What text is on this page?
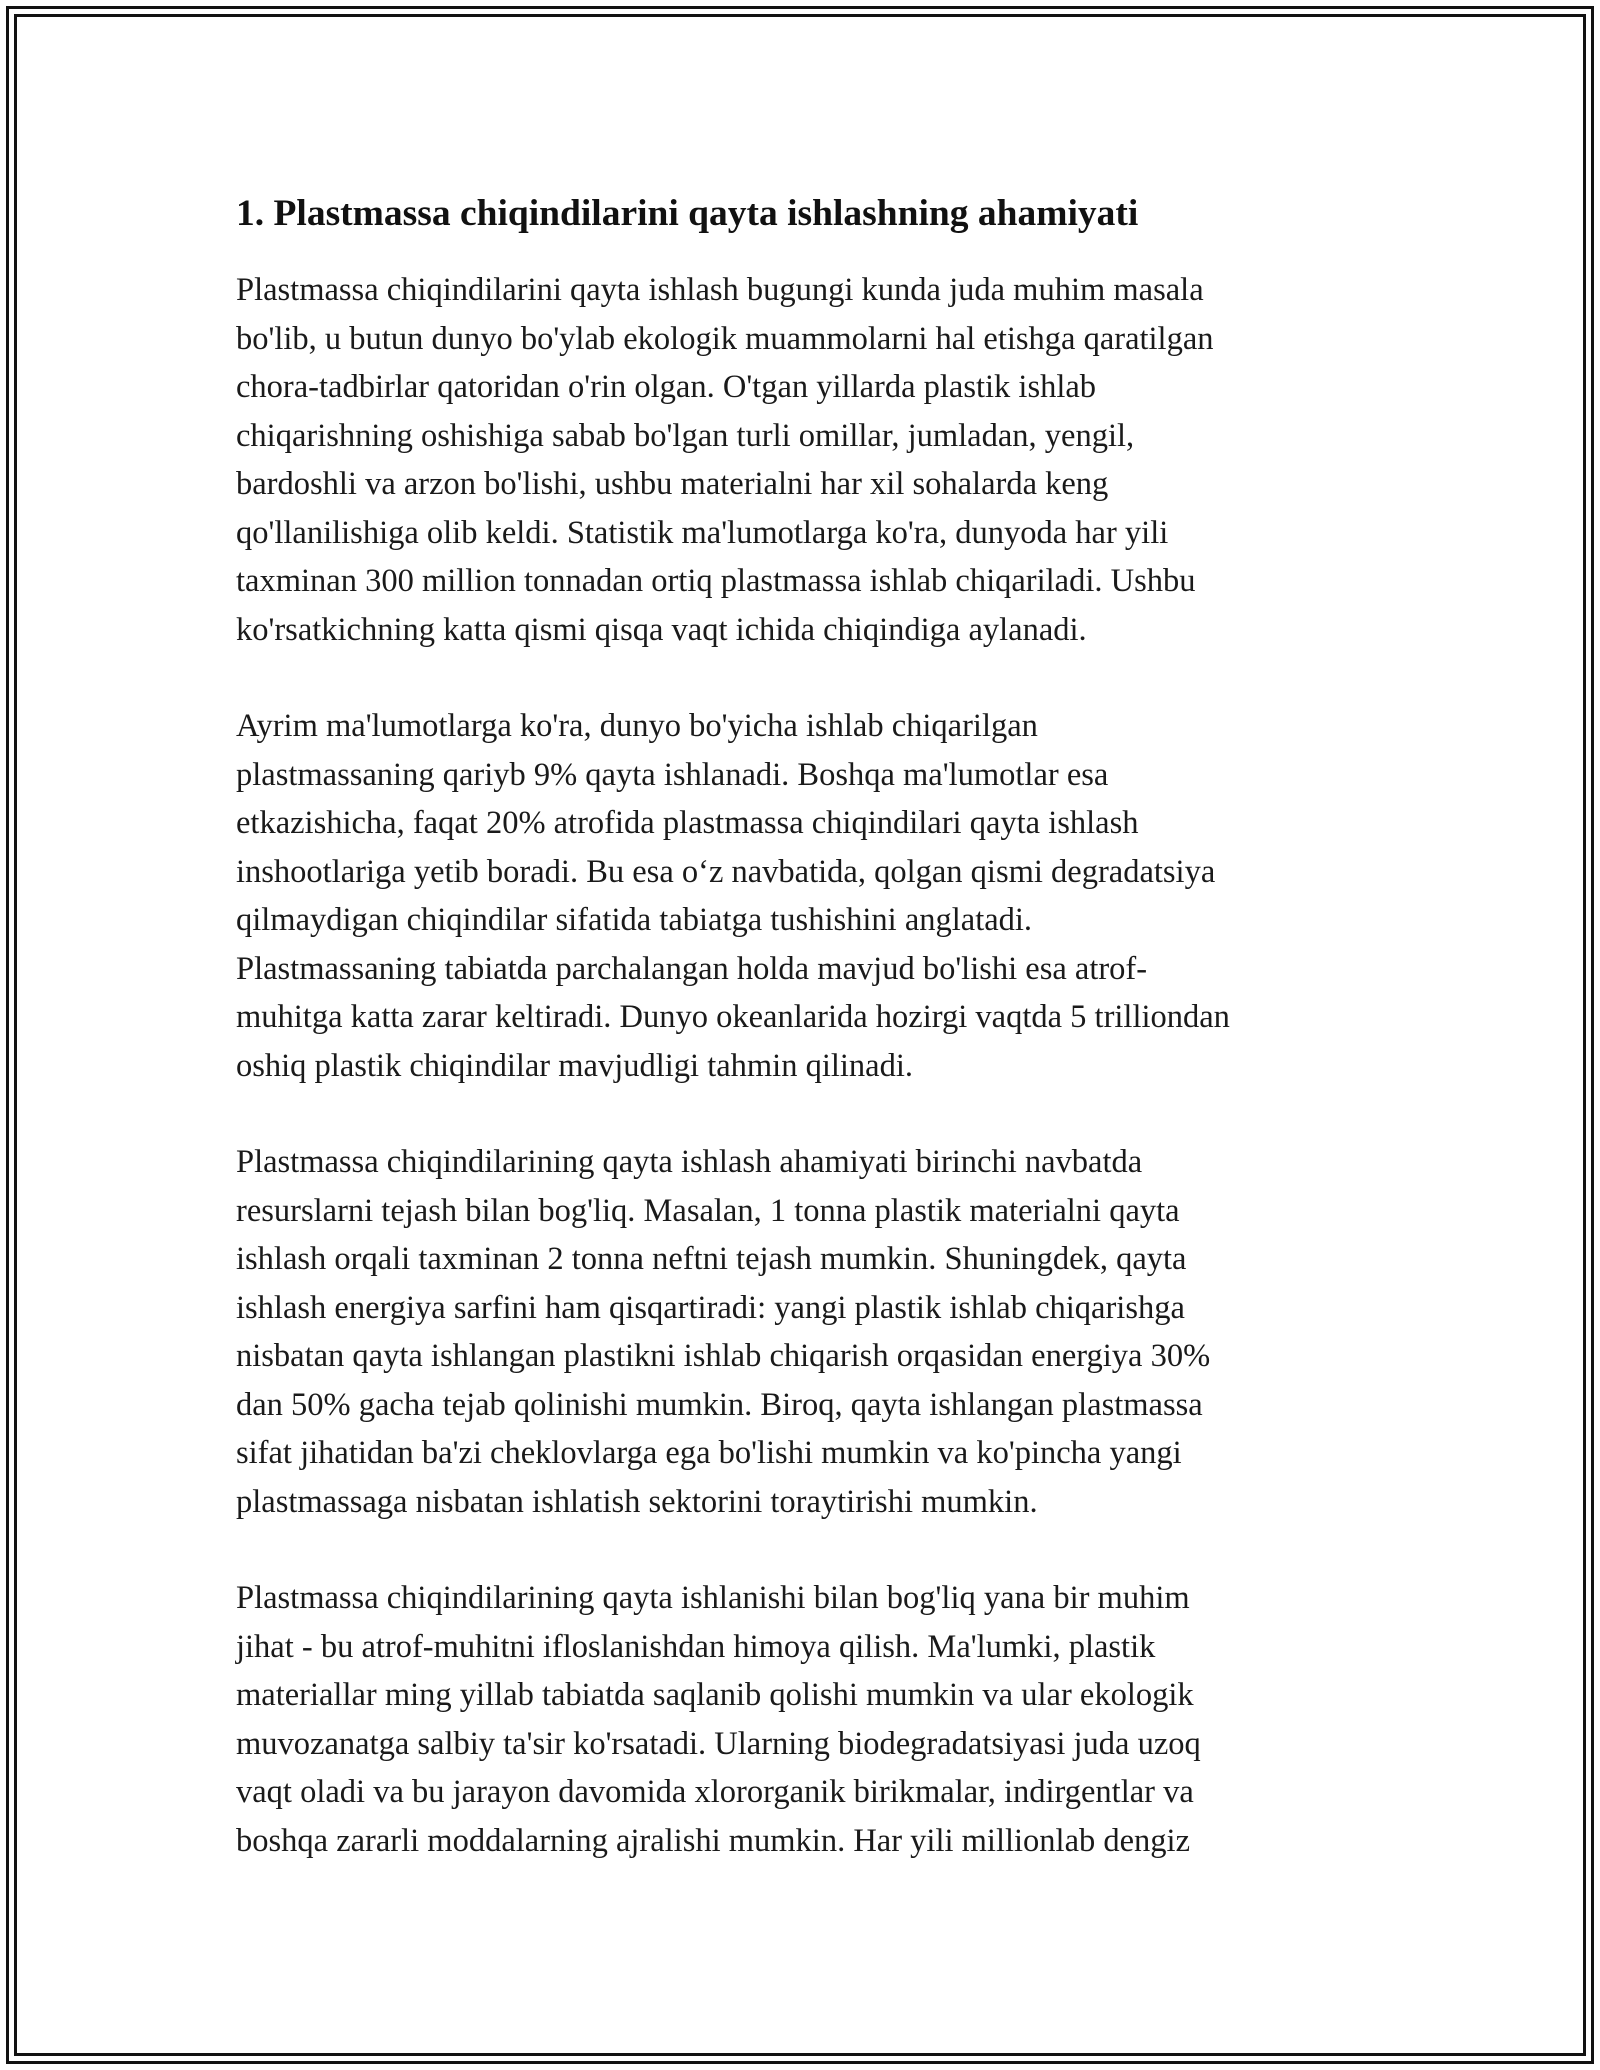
1. Plastmassa chiqindilarini qayta ishlashning ahamiyati

Plastmassa chiqindilarini qayta ishlash bugungi kunda juda muhim masala
bo'lib, u butun dunyo bo'ylab ekologik muammolarni hal etishga qaratilgan
chora-tadbirlar qatoridan o'rin olgan. O'tgan yillarda plastik ishlab
chiqarishning oshishiga sabab bo'lgan turli omillar, jumladan, yengil,
bardoshli va arzon bo'lishi, ushbu materialni har xil sohalarda keng
qo'llanilishiga olib keldi. Statistik ma'lumotlarga ko'ra, dunyoda har yili
taxminan 300 million tonnadan ortiq plastmassa ishlab chiqariladi. Ushbu
ko'rsatkichning katta qismi qisqa vaqt ichida chiqindiga aylanadi.

Ayrim ma'lumotlarga ko'ra, dunyo bo'yicha ishlab chiqarilgan
plastmassaning qariyb 9% qayta ishlanadi. Boshqa ma'lumotlar esa
etkazishicha, faqat 20% atrofida plastmassa chiqindilari qayta ishlash
inshootlariga yetib boradi. Bu esa o‘z navbatida, qolgan qismi degradatsiya
qilmaydigan chiqindilar sifatida tabiatga tushishini anglatadi.
Plastmassaning tabiatda parchalangan holda mavjud bo'lishi esa atrof-
muhitga katta zarar keltiradi. Dunyo okeanlarida hozirgi vaqtda 5 trilliondan
oshiq plastik chiqindilar mavjudligi tahmin qilinadi.

Plastmassa chiqindilarining qayta ishlash ahamiyati birinchi navbatda
resurslarni tejash bilan bog'liq. Masalan, 1 tonna plastik materialni qayta
ishlash orqali taxminan 2 tonna neftni tejash mumkin. Shuningdek, qayta
ishlash energiya sarfini ham qisqartiradi: yangi plastik ishlab chiqarishga
nisbatan qayta ishlangan plastikni ishlab chiqarish orqasidan energiya 30%
dan 50% gacha tejab qolinishi mumkin. Biroq, qayta ishlangan plastmassa
sifat jihatidan ba'zi cheklovlarga ega bo'lishi mumkin va ko'pincha yangi
plastmassaga nisbatan ishlatish sektorini toraytirishi mumkin.

Plastmassa chiqindilarining qayta ishlanishi bilan bog'liq yana bir muhim
jihat - bu atrof-muhitni ifloslanishdan himoya qilish. Ma'lumki, plastik
materiallar ming yillab tabiatda saqlanib qolishi mumkin va ular ekologik
muvozanatga salbiy ta'sir ko'rsatadi. Ularning biodegradatsiyasi juda uzoq
vaqt oladi va bu jarayon davomida xlororganik birikmalar, indirgentlar va
boshqa zararli moddalarning ajralishi mumkin. Har yili millionlab dengiz
